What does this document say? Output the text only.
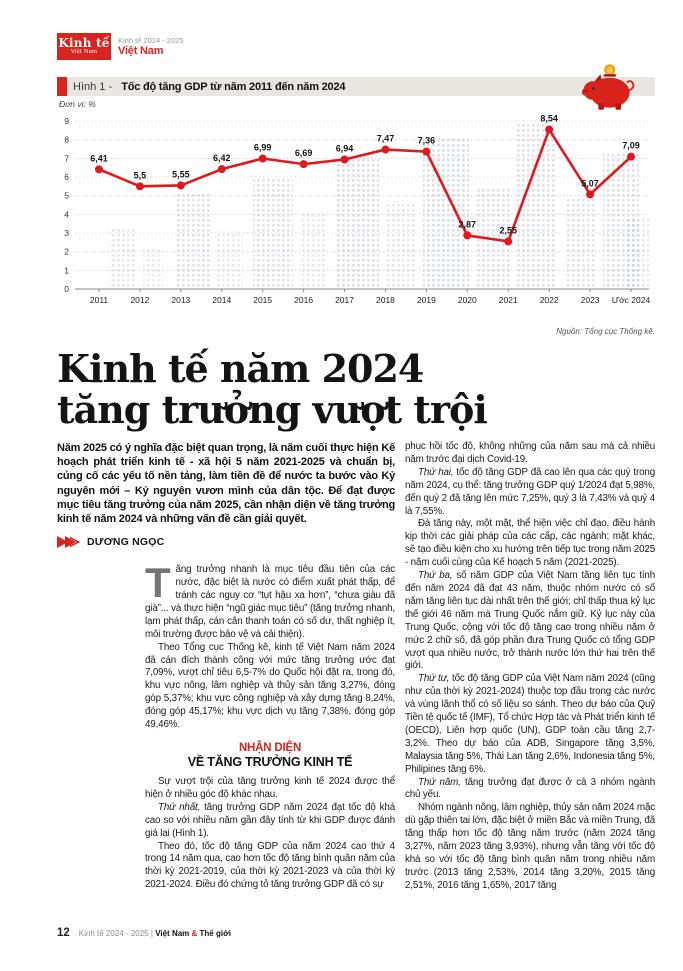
Kinh tế
Việt Nam
Kinh tế 2024 - 2025
Việt Nam
Hình 1 - Tốc độ tăng GDP từ năm 2011 đến năm 2024
Đơn vị: %
0
1
2
3
4
5
6
7
8
9
2011	2012	2013	2014	2015	2016	2017	2018	2019	2020	2021	2022	2023 Ước 2024
6,41
5,5	5,55
6,42
6,99
6,69	6,94
7,47	7,36
2,87
2,55
8,54
5,07
7,09
Nguồn: Tổng cục Thống kê.
Kinh tế năm 2024
tăng trưởng vượt trội

Năm 2025 có ý nghĩa đặc biệt quan trọng, là năm cuối thực hiện Kế hoạch phát triển kinh tế - xã hội 5 năm 2021-2025 và chuẩn bị, củng cố các yếu tố nền tảng, làm tiền đề để nước ta bước vào Kỷ nguyên mới – Kỷ nguyên vươn mình của dân tộc. Để đạt được mục tiêu tăng trưởng của năm 2025, cần nhận diện về tăng trưởng kinh tế năm 2024 và những vấn đề cần giải quyết.

DƯƠNG NGỌC

Tăng trưởng nhanh là mục tiêu đầu tiên của các nước, đặc biệt là nước có điểm xuất phát thấp, để tránh các nguy cơ “tụt hậu xa hơn”, “chưa giàu đã già”... và thực hiện “ngũ giác mục tiêu” (tăng trưởng nhanh, lạm phát thấp, cán cân thanh toán có số dư, thất nghiệp ít, môi trường được bảo vệ và cải thiện).

Theo Tổng cục Thống kê, kinh tế Việt Nam năm 2024 đã cán đích thành công với mức tăng trưởng ước đạt 7,09%, vượt chỉ tiêu 6,5-7% do Quốc hội đặt ra, trong đó, khu vực nông, lâm nghiệp và thủy sản tăng 3,27%, đóng góp 5,37%; khu vực công nghiệp và xây dựng tăng 8,24%, đóng góp 45,17%; khu vực dịch vụ tăng 7,38%, đóng góp 49,46%.

NHẬN DIỆN
VỀ TĂNG TRƯỞNG KINH TẾ

Sự vượt trội của tăng trưởng kinh tế 2024 được thể hiện ở nhiều góc độ khác nhau.

Thứ nhất, tăng trưởng GDP năm 2024 đạt tốc độ khá cao so với nhiều năm gần đây tính từ khi GDP được đánh giá lại (Hình 1).

Theo đó, tốc độ tăng GDP của năm 2024 cao thứ 4 trong 14 năm qua, cao hơn tốc độ tăng bình quân năm của thời kỳ 2021-2019, của thời kỳ 2021-2023 và của thời kỳ 2021-2024. Điều đó chứng tỏ tăng trưởng GDP đã có sự

phục hồi tốc độ, không những của năm sau mà cả nhiều năm trước đại dịch Covid-19.

Thứ hai, tốc độ tăng GDP đã cao lên qua các quý trong năm 2024, cụ thể: tăng trưởng GDP quý 1/2024 đạt 5,98%, đến quý 2 đã tăng lên mức 7,25%, quý 3 là 7,43% và quý 4 là 7,55%.

Đà tăng này, một mặt, thể hiện việc chỉ đạo, điều hành kịp thời các giải pháp của các cấp, các ngành; mặt khác, sẽ tạo điều kiện cho xu hướng trên tiếp tục trong năm 2025 - năm cuối cùng của Kế hoạch 5 năm (2021-2025).

Thứ ba, số năm GDP của Việt Nam tăng liên tục tính đến năm 2024 đã đạt 43 năm, thuộc nhóm nước có số năm tăng liên tục dài nhất trên thế giới; chỉ thấp thua kỷ lục thế giới 46 năm mà Trung Quốc nắm giữ. Kỷ lục này của Trung Quốc, cộng với tốc độ tăng cao trong nhiều năm ở mức 2 chữ số, đã góp phần đưa Trung Quốc có tổng GDP vượt qua nhiều nước, trở thành nước lớn thứ hai trên thế giới.

Thứ tư, tốc độ tăng GDP của Việt Nam năm 2024 (cũng như của thời kỳ 2021-2024) thuộc top đầu trong các nước và vùng lãnh thổ có số liệu so sánh. Theo dự báo của Quỹ Tiền tệ quốc tế (IMF), Tổ chức Hợp tác và Phát triển kinh tế (OECD), Liên hợp quốc (UN), GDP toàn cầu tăng 2,7-3,2%. Theo dự báo của ADB, Singapore tăng 3,5%, Malaysia tăng 5%, Thái Lan tăng 2,6%, Indonesia tăng 5%, Philipines tăng 6%.

Thứ năm, tăng trưởng đạt được ở cả 3 nhóm ngành chủ yếu.

Nhóm ngành nông, lâm nghiệp, thủy sản năm 2024 mặc dù gặp thiên tai lớn, đặc biệt ở miền Bắc và miền Trung, đã tăng thấp hơn tốc độ tăng năm trước (năm 2024 tăng 3,27%, năm 2023 tăng 3,93%), nhưng vẫn tăng với tốc độ khá so với tốc độ tăng bình quân năm trong nhiều năm trước (2013 tăng 2,53%, 2014 tăng 3,20%, 2015 tăng 2,51%, 2016 tăng 1,65%, 2017 tăng

12 Kinh tế 2024 - 2025 | Việt Nam & Thế giới
